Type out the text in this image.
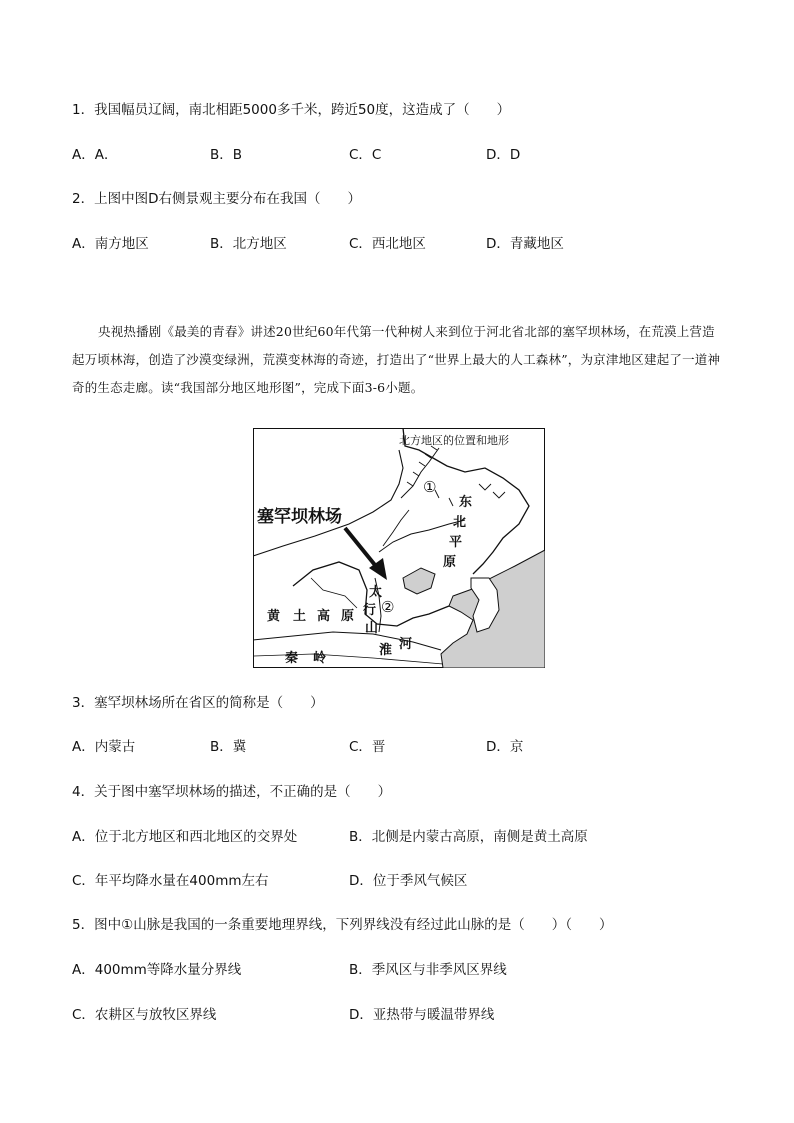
1．我国幅员辽阔，南北相距5000多千米，跨近50度，这造成了（　　）
A．A．	B．B	C．C	D．D
2．上图中图D右侧景观主要分布在我国（　　）
A．南方地区	B．北方地区	C．西北地区	D．青藏地区
央视热播剧《最美的青春》讲述20世纪60年代第一代种树人来到位于河北省北部的塞罕坝林场，在荒漠上营造起万顷林海，创造了沙漠变绿洲，荒漠变林海的奇迹，打造出了“世界上最大的人工森林”，为京津地区建起了一道神奇的生态走廊。读“我国部分地区地形图”，完成下面3-6小题。
北方地区的位置和地形
塞罕坝林场
①
②
东
北
平
原
黄 土 高 原
太
行
山
秦 岭
淮 河
3．塞罕坝林场所在省区的简称是（　　）
A．内蒙古	B．冀	C．晋	D．京
4．关于图中塞罕坝林场的描述，不正确的是（　　）
A．位于北方地区和西北地区的交界处	B．北侧是内蒙古高原，南侧是黄土高原
C．年平均降水量在400mm左右	D．位于季风气候区
5．图中①山脉是我国的一条重要地理界线，下列界线没有经过此山脉的是（　　）（　　）
A．400mm等降水量分界线	B．季风区与非季风区界线
C．农耕区与放牧区界线	D．亚热带与暖温带界线
